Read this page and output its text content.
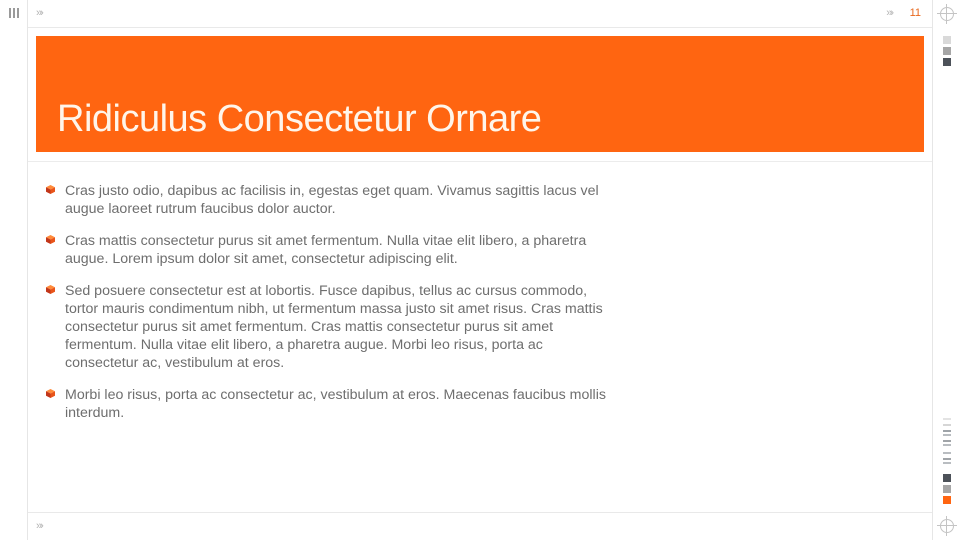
»›	»› 11
Ridiculus Consectetur Ornare
Cras justo odio, dapibus ac facilisis in, egestas eget quam. Vivamus sagittis lacus vel augue laoreet rutrum faucibus dolor auctor.
Cras mattis consectetur purus sit amet fermentum. Nulla vitae elit libero, a pharetra augue. Lorem ipsum dolor sit amet, consectetur adipiscing elit.
Sed posuere consectetur est at lobortis. Fusce dapibus, tellus ac cursus commodo, tortor mauris condimentum nibh, ut fermentum massa justo sit amet risus. Cras mattis consectetur purus sit amet fermentum. Cras mattis consectetur purus sit amet fermentum. Nulla vitae elit libero, a pharetra augue. Morbi leo risus, porta ac consectetur ac, vestibulum at eros.
Morbi leo risus, porta ac consectetur ac, vestibulum at eros. Maecenas faucibus mollis interdum.
»›
